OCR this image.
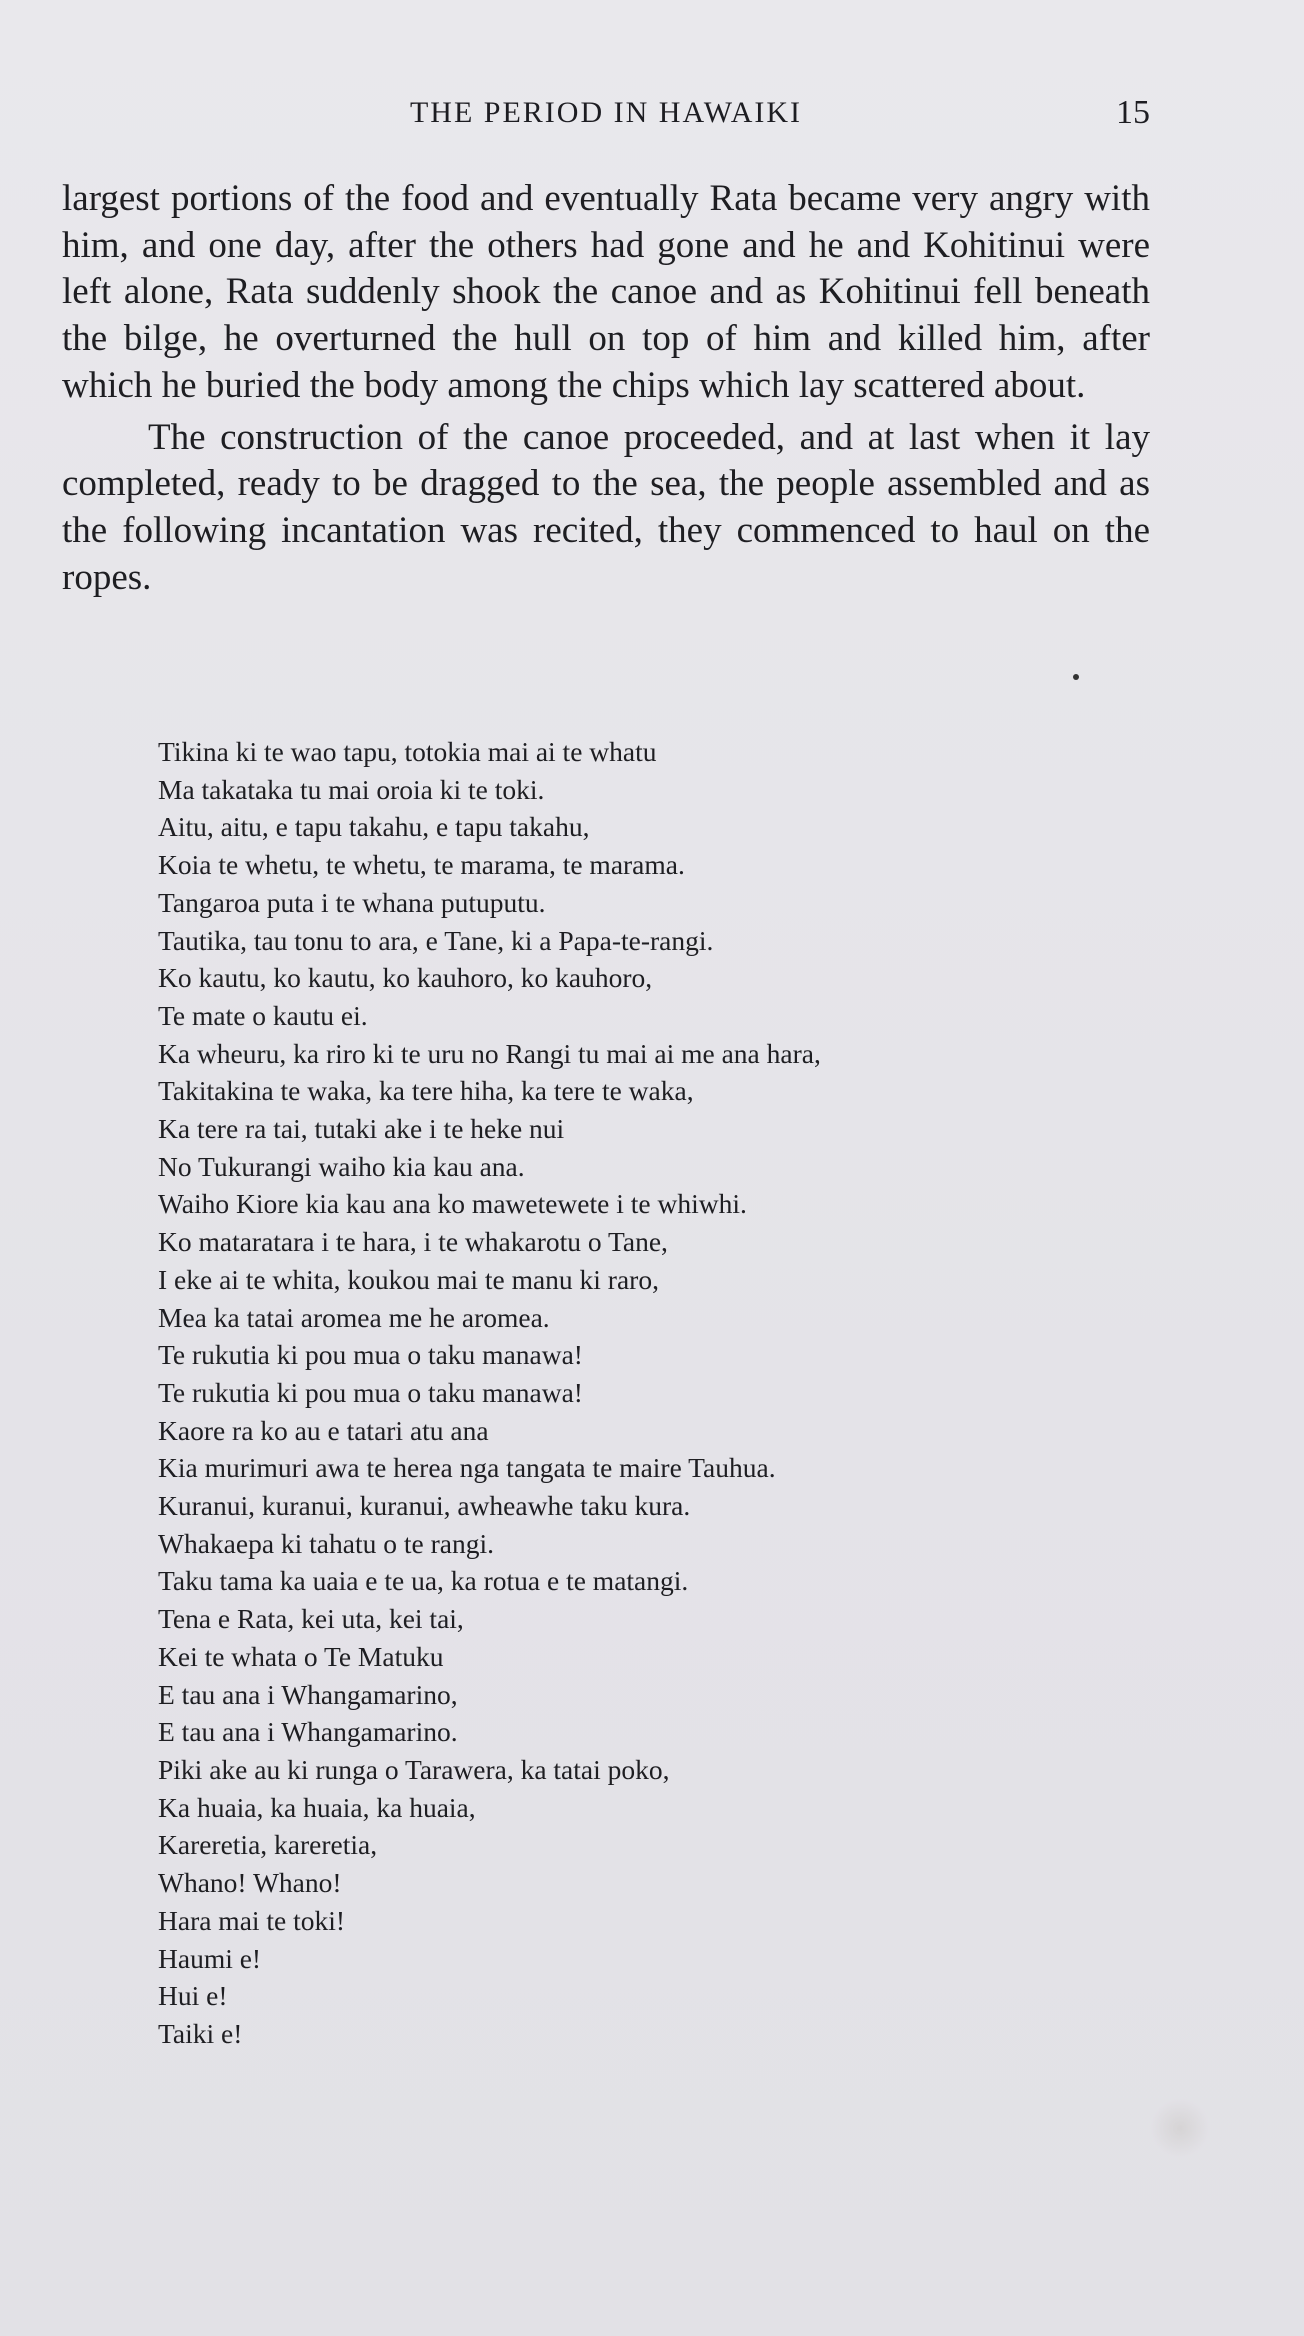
THE PERIOD IN HAWAIKI	15

largest portions of the food and eventually Rata became very angry with him, and one day, after the others had gone and he and Kohitinui were left alone, Rata suddenly shook the canoe and as Kohitinui fell beneath the bilge, he overturned the hull on top of him and killed him, after which he buried the body among the chips which lay scattered about.

The construction of the canoe proceeded, and at last when it lay completed, ready to be dragged to the sea, the people assembled and as the following incantation was recited, they commenced to haul on the ropes.

Tikina ki te wao tapu, totokia mai ai te whatu
Ma takataka tu mai oroia ki te toki.
Aitu, aitu, e tapu takahu, e tapu takahu,
Koia te whetu, te whetu, te marama, te marama.
Tangaroa puta i te whana putuputu.
Tautika, tau tonu to ara, e Tane, ki a Papa-te-rangi.
Ko kautu, ko kautu, ko kauhoro, ko kauhoro,
Te mate o kautu ei.
Ka wheuru, ka riro ki te uru no Rangi tu mai ai me ana hara,
Takitakina te waka, ka tere hiha, ka tere te waka,
Ka tere ra tai, tutaki ake i te heke nui
No Tukurangi waiho kia kau ana.
Waiho Kiore kia kau ana ko mawetewete i te whiwhi.
Ko mataratara i te hara, i te whakarotu o Tane,
I eke ai te whita, koukou mai te manu ki raro,
Mea ka tatai aromea me he aromea.
Te rukutia ki pou mua o taku manawa!
Te rukutia ki pou mua o taku manawa!
Kaore ra ko au e tatari atu ana
Kia murimuri awa te herea nga tangata te maire Tauhua.
Kuranui, kuranui, kuranui, awheawhe taku kura.
Whakaepa ki tahatu o te rangi.
Taku tama ka uaia e te ua, ka rotua e te matangi.
Tena e Rata, kei uta, kei tai,
Kei te whata o Te Matuku
E tau ana i Whangamarino,
E tau ana i Whangamarino.
Piki ake au ki runga o Tarawera, ka tatai poko,
Ka huaia, ka huaia, ka huaia,
Kareretia, kareretia,
Whano! Whano!
Hara mai te toki!
Haumi e!
Hui e!
Taiki e!
